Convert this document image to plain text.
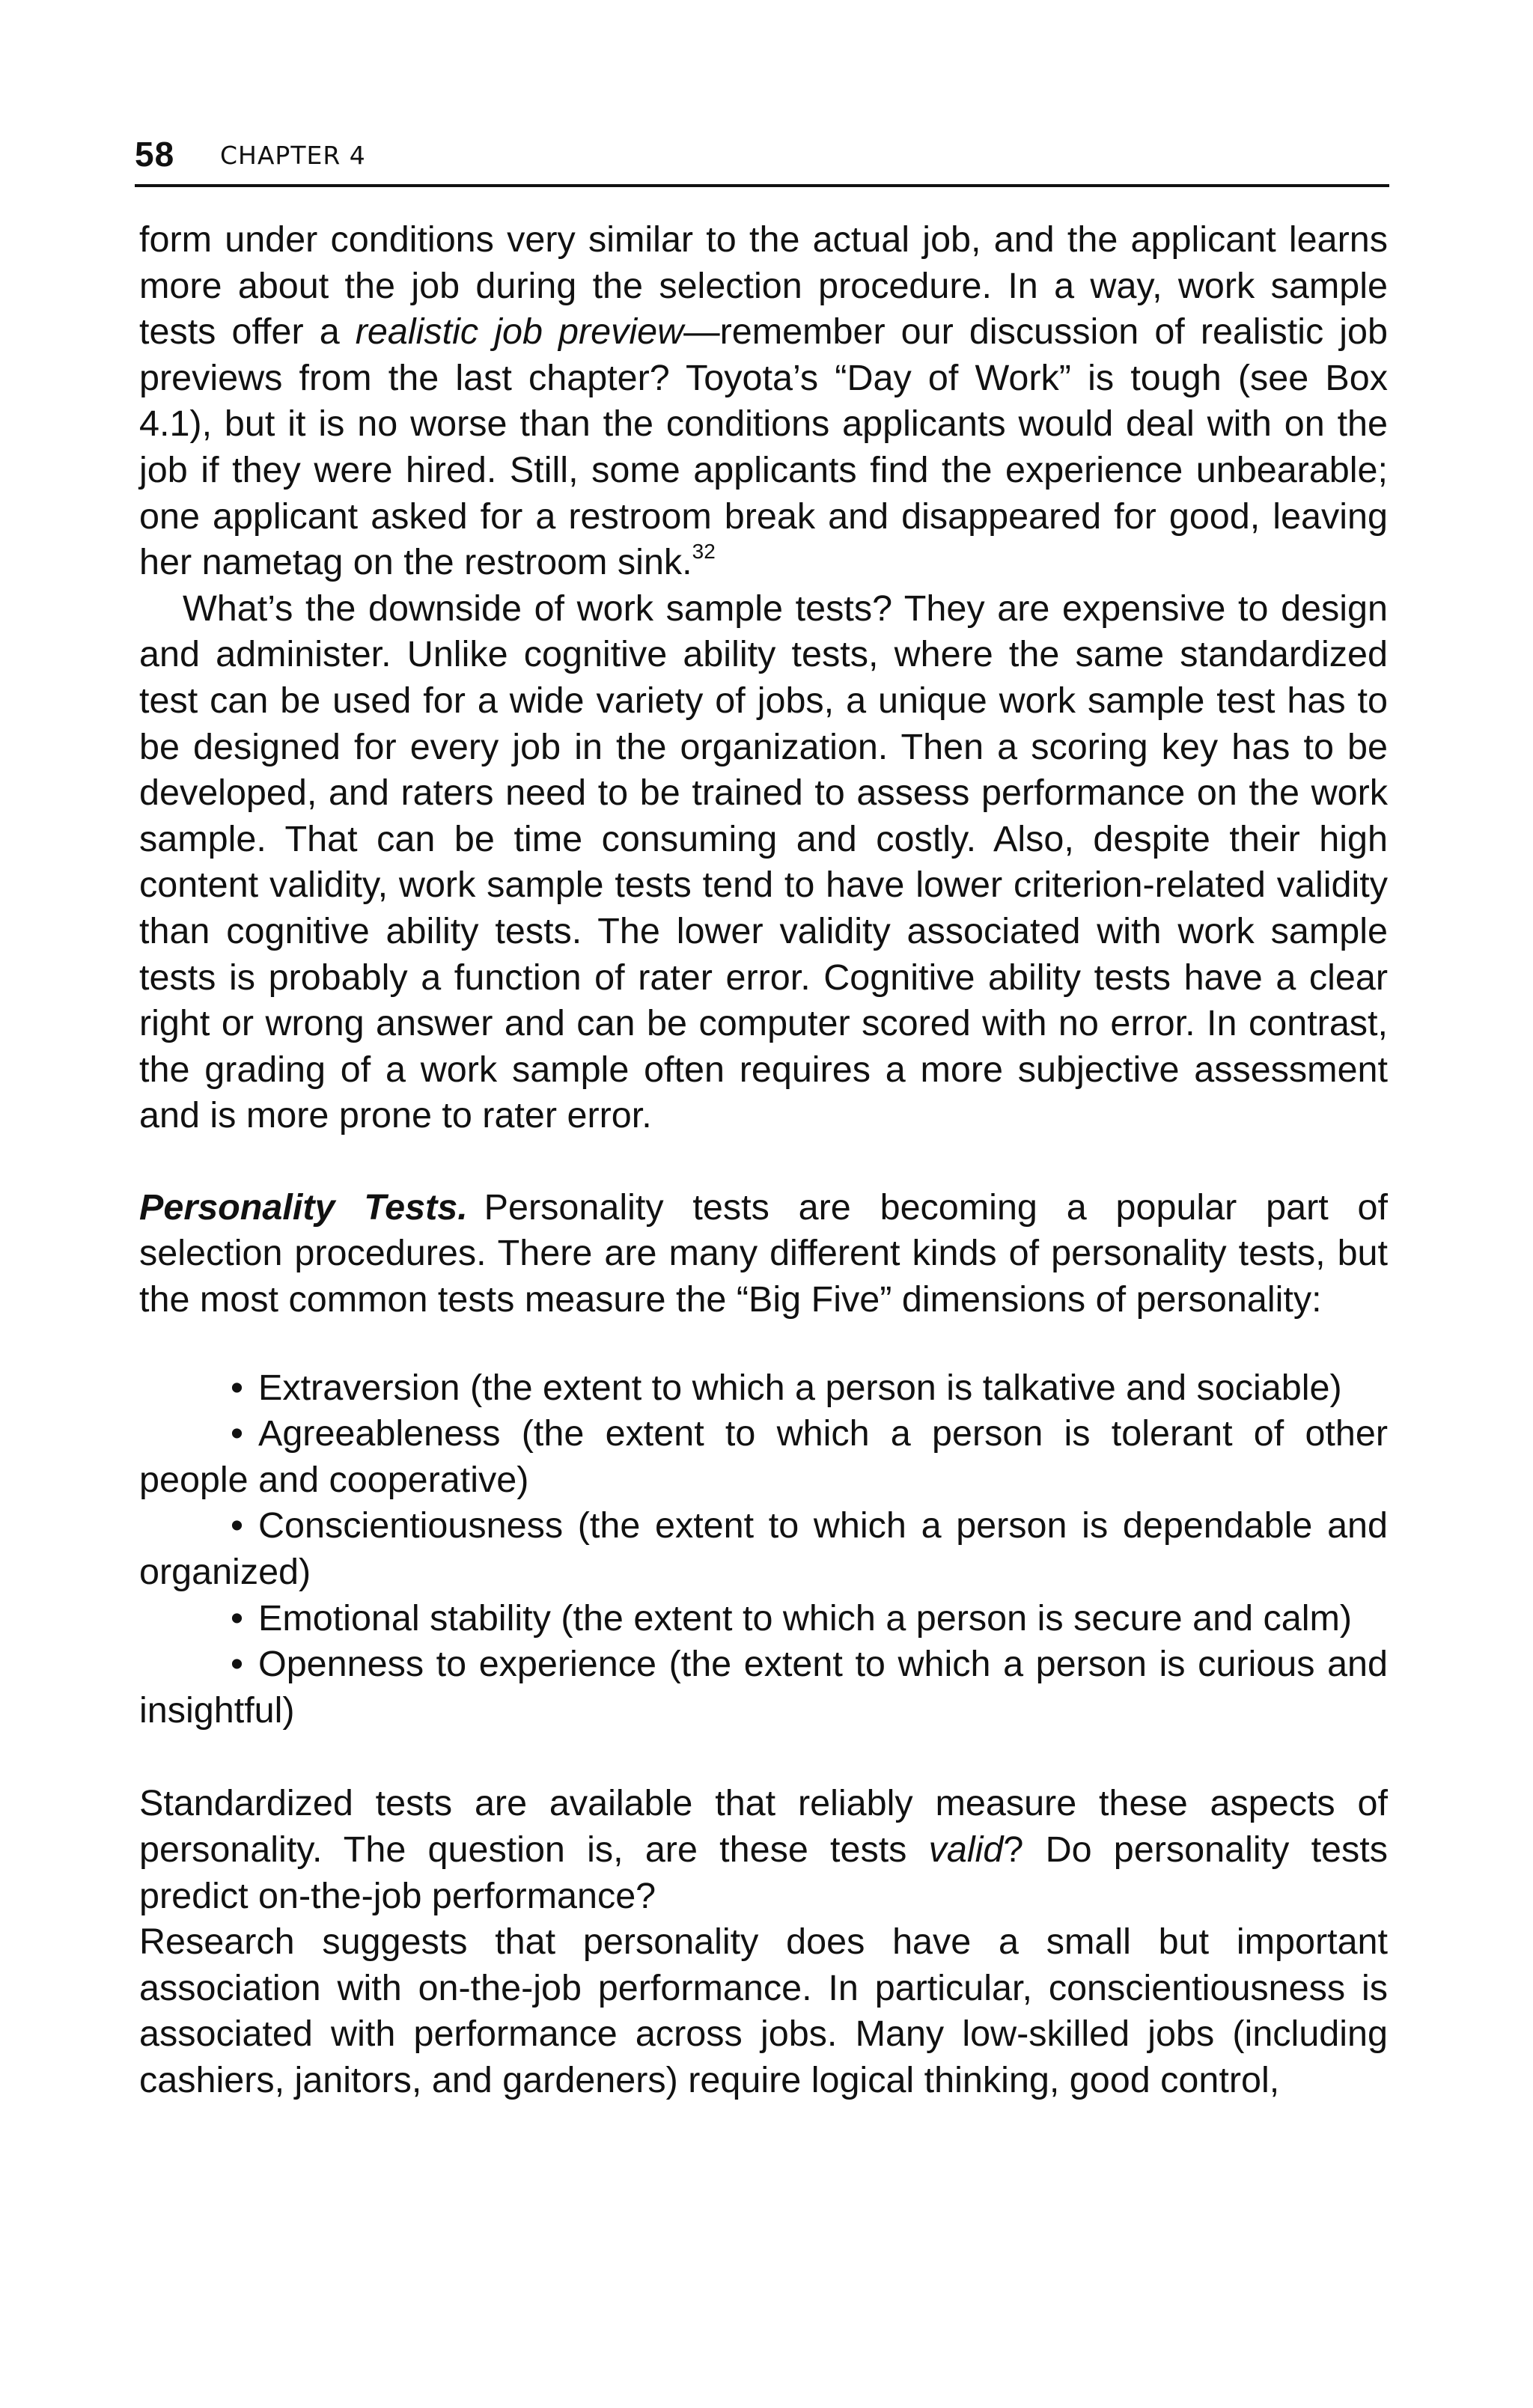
58 CHAPTER 4

form under conditions very similar to the actual job, and the applicant learns more about the job during the selection procedure. In a way, work sample tests offer a realistic job preview—remember our discussion of realistic job previews from the last chapter? Toyota’s “Day of Work” is tough (see Box 4.1), but it is no worse than the conditions applicants would deal with on the job if they were hired. Still, some applicants find the experience unbearable; one applicant asked for a restroom break and disappeared for good, leaving her nametag on the restroom sink.$^{32}$

What’s the downside of work sample tests? They are expensive to design and administer. Unlike cognitive ability tests, where the same standardized test can be used for a wide variety of jobs, a unique work sample test has to be designed for every job in the organization. Then a scoring key has to be developed, and raters need to be trained to assess performance on the work sample. That can be time consuming and costly. Also, despite their high content validity, work sample tests tend to have lower criterion-related validity than cognitive ability tests. The lower validity associated with work sample tests is probably a function of rater error. Cognitive ability tests have a clear right or wrong answer and can be computer scored with no error. In contrast, the grading of a work sample often requires a more subjective assessment and is more prone to rater error.

Personality Tests. Personality tests are becoming a popular part of selection procedures. There are many different kinds of personality tests, but the most common tests measure the “Big Five” dimensions of personality:

• Extraversion (the extent to which a person is talkative and sociable)
• Agreeableness (the extent to which a person is tolerant of other people and cooperative)
• Conscientiousness (the extent to which a person is dependable and organized)
• Emotional stability (the extent to which a person is secure and calm)
• Openness to experience (the extent to which a person is curious and insightful)

Standardized tests are available that reliably measure these aspects of personality. The question is, are these tests valid? Do personality tests predict on-the-job performance?

Research suggests that personality does have a small but important association with on-the-job performance. In particular, conscientiousness is associated with performance across jobs. Many low-skilled jobs (including cashiers, janitors, and gardeners) require logical thinking, good control,
